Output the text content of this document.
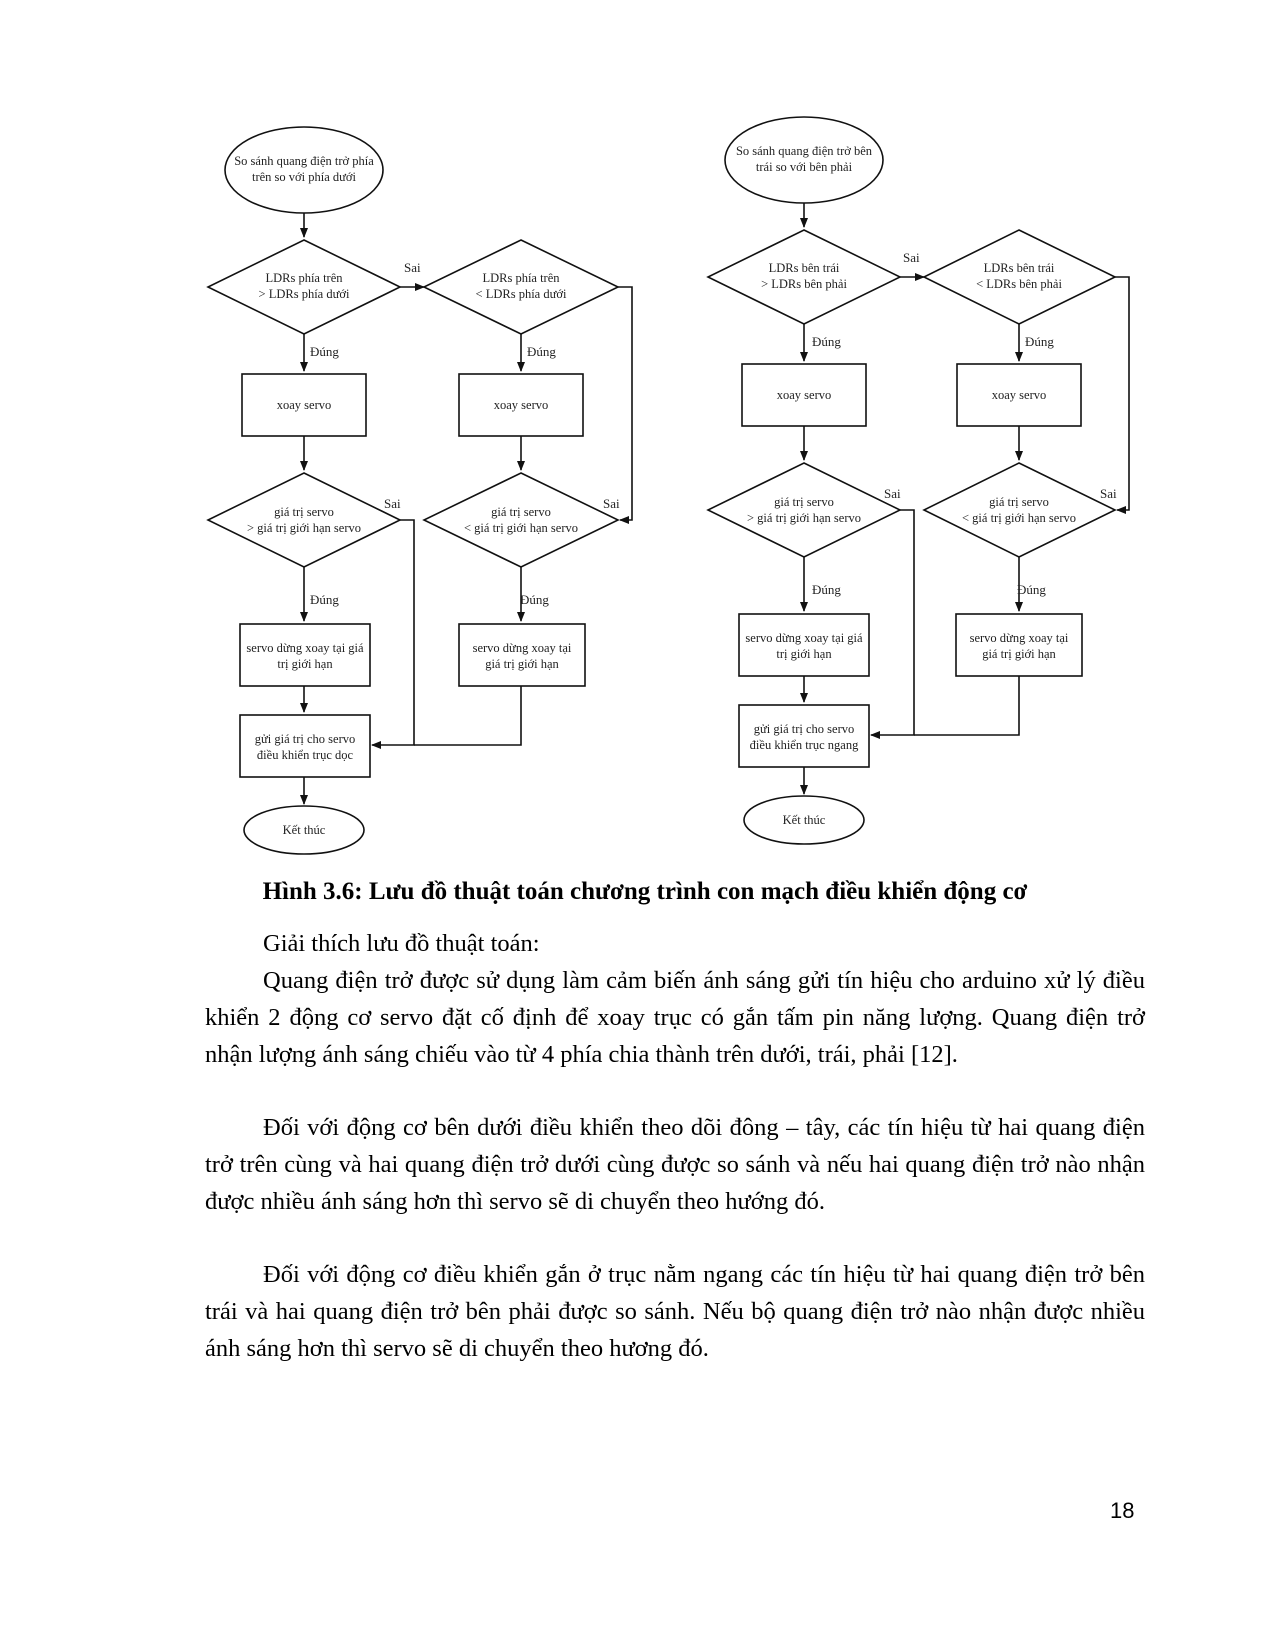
So sánh quang điện trở phía
trên so với phía dưới
LDRs phía trên
> LDRs phía dưới
LDRs phía trên
< LDRs phía dưới
xoay servo	xoay servo
giá trị servo
> giá trị giới hạn servo
giá trị servo
< giá trị giới hạn servo
servo dừng xoay tại giá
trị giới hạn
servo dừng xoay tại
giá trị giới hạn
gửi giá trị cho servo
điều khiển trục dọc
Kết thúc
Đúng	Đúng
Đúng	Đúng
Sai
Sai	Sai
So sánh quang điện trở bên
trái so với bên phải
LDRs bên trái
> LDRs bên phải
LDRs bên trái
< LDRs bên phải
xoay servo	xoay servo
giá trị servo
> giá trị giới hạn servo
giá trị servo
< giá trị giới hạn servo
servo dừng xoay tại giá
trị giới hạn
servo dừng xoay tại
giá trị giới hạn
gửi giá trị cho servo
điều khiển trục ngang
Kết thúc
Đúng	Đúng
Đúng	Đúng
Sai
Sai	Sai
Hình 3.6: Lưu đồ thuật toán chương trình con mạch điều khiển động cơ
Giải thích lưu đồ thuật toán:
Quang điện trở được sử dụng làm cảm biến ánh sáng gửi tín hiệu cho arduino xử lý điều khiển 2 động cơ servo đặt cố định để xoay trục có gắn tấm pin năng lượng. Quang điện trở nhận lượng ánh sáng chiếu vào từ 4 phía chia thành trên dưới, trái, phải [12].
Đối với động cơ bên dưới điều khiển theo dõi đông – tây, các tín hiệu từ hai quang điện trở trên cùng và hai quang điện trở dưới cùng được so sánh và nếu hai quang điện trở nào nhận được nhiều ánh sáng hơn thì servo sẽ di chuyển theo hướng đó.
Đối với động cơ điều khiển gắn ở trục nằm ngang các tín hiệu từ hai quang điện trở bên trái và hai quang điện trở bên phải được so sánh. Nếu bộ quang điện trở nào nhận được nhiều ánh sáng hơn thì servo sẽ di chuyển theo hương đó.
18
